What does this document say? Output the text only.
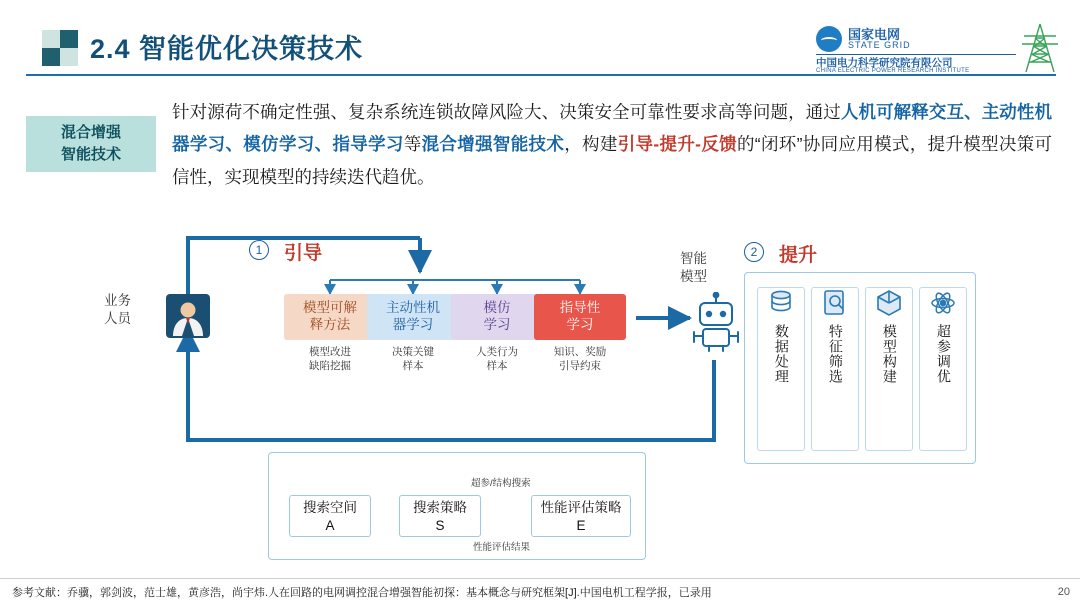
2.4 智能优化决策技术	国家电网
STATE GRID
中国电力科学研究院有限公司
CHINA ELECTRIC POWER RESEARCH INSTITUTE
混合增强
智能技术
针对源荷不确定性强、复杂系统连锁故障风险大、决策安全可靠性要求高等问题，通过人机可解释交互、主动性机器学习、模仿学习、指导学习等混合增强智能技术，构建引导-提升-反馈的“闭环”协同应用模式，提升模型决策可信性，实现模型的持续迭代趋优。
业务
人员
1	引导
模型可解
释方法
主动性机
器学习
模仿
学习
指导性
学习
模型改进
缺陷挖掘
决策关键
样本
人类行为
样本
知识、奖励
引导约束
智能
模型
2	提升
数据处理	特征筛选	模型构建	超参调优
搜索空间
A
搜索策略
S
性能评估策略
E
超参/结构搜索
性能评估结果
参考文献：乔骥，郭剑波，范士雄，黄彦浩，尚宇炜.人在回路的电网调控混合增强智能初探：基本概念与研究框架[J].中国电机工程学报，已录用	20
